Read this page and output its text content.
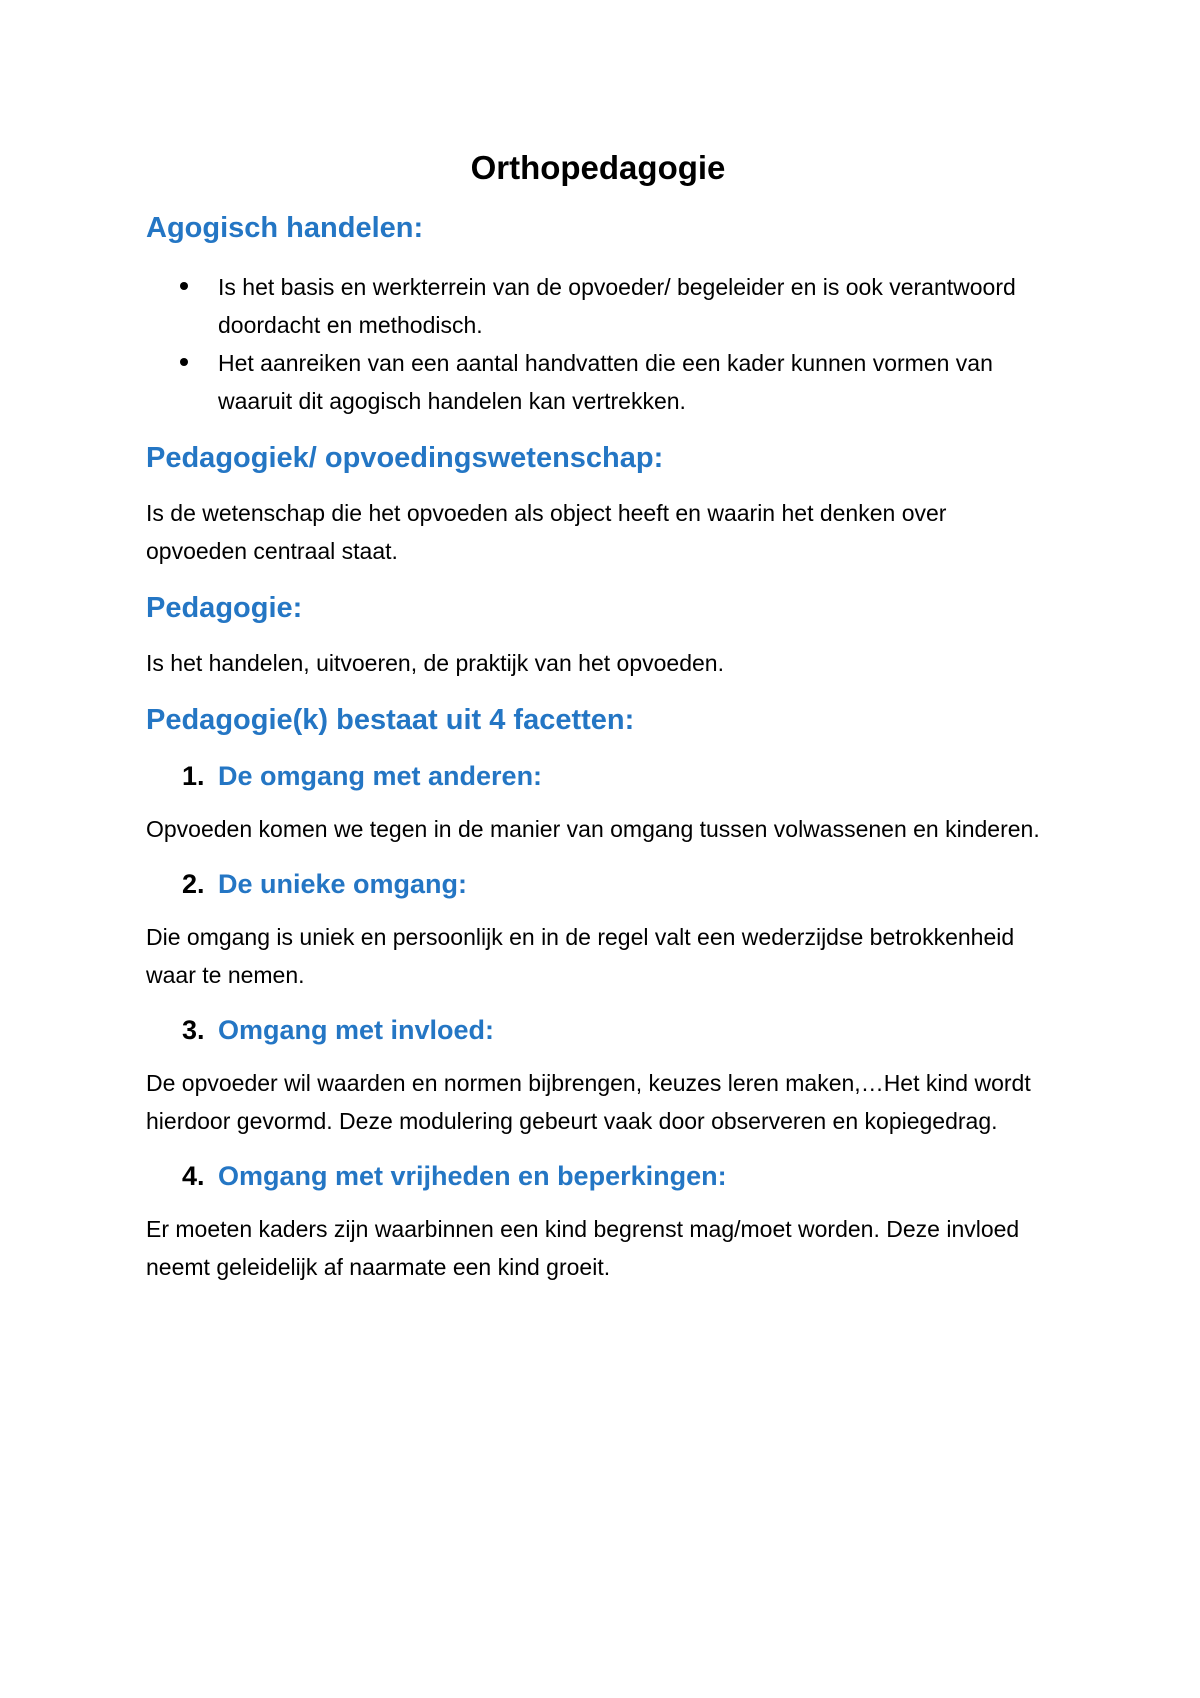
Orthopedagogie
Agogisch handelen:
Is het basis en werkterrein van de opvoeder/ begeleider en is ook verantwoord doordacht en methodisch.
Het aanreiken van een aantal handvatten die een kader kunnen vormen van waaruit dit agogisch handelen kan vertrekken.
Pedagogiek/ opvoedingswetenschap:

Is de wetenschap die het opvoeden als object heeft en waarin het denken over opvoeden centraal staat.

Pedagogie:

Is het handelen, uitvoeren, de praktijk van het opvoeden.

Pedagogie(k) bestaat uit 4 facetten:
1. De omgang met anderen:

Opvoeden komen we tegen in de manier van omgang tussen volwassenen en kinderen.

2. De unieke omgang:

Die omgang is uniek en persoonlijk en in de regel valt een wederzijdse betrokkenheid waar te nemen.

3. Omgang met invloed:

De opvoeder wil waarden en normen bijbrengen, keuzes leren maken,…Het kind wordt hierdoor gevormd. Deze modulering gebeurt vaak door observeren en kopiegedrag.

4. Omgang met vrijheden en beperkingen:

Er moeten kaders zijn waarbinnen een kind begrenst mag/moet worden. Deze invloed neemt geleidelijk af naarmate een kind groeit.
